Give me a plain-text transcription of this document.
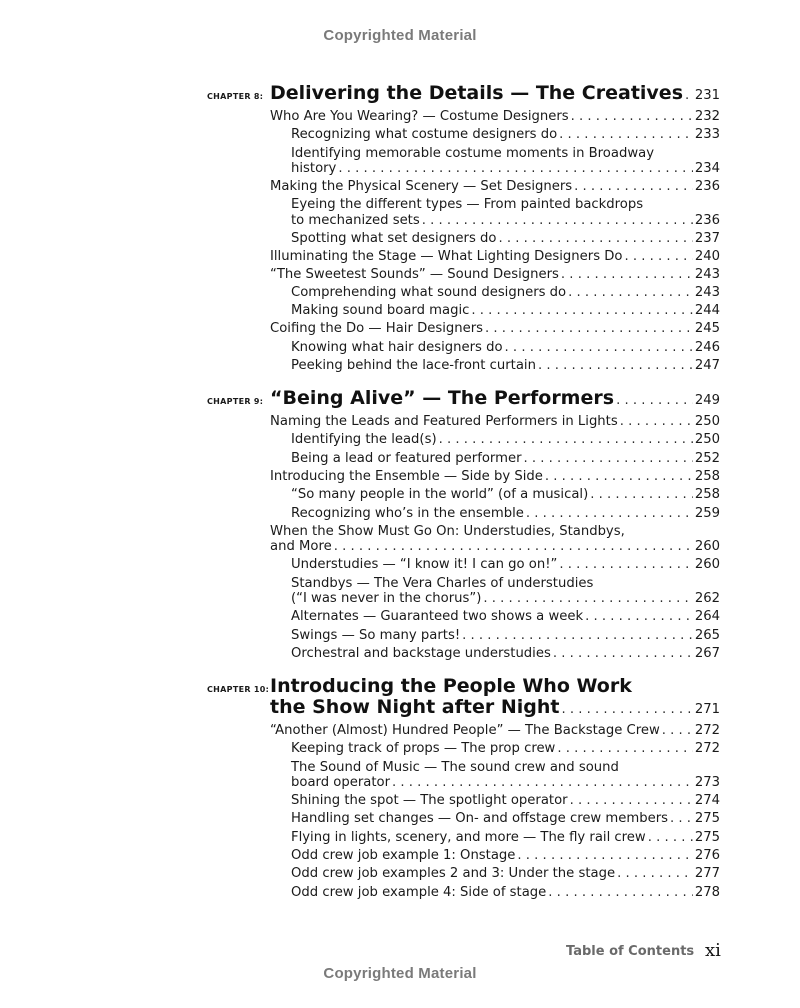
Copyrighted Material
CHAPTER 8: Delivering the Details — The Creatives . . . 231
Who Are You Wearing? — Costume Designers . . .	232
Recognizing what costume designers do . . .	233
Identifying memorable costume moments in Broadway
history . . .	234
Making the Physical Scenery — Set Designers . . .	236
Eyeing the different types — From painted backdrops
to mechanized sets . . .	236
Spotting what set designers do . . .	237
Illuminating the Stage — What Lighting Designers Do . . .	240
“The Sweetest Sounds” — Sound Designers . . .	243
Comprehending what sound designers do . . .	243
Making sound board magic . . .	244
Coifing the Do — Hair Designers . . .	245
Knowing what hair designers do . . .	246
Peeking behind the lace-front curtain . . .	247
CHAPTER 9: “Being Alive” — The Performers . . .	249
Naming the Leads and Featured Performers in Lights . . .	250
Identifying the lead(s) . . .	250
Being a lead or featured performer . . .	252
Introducing the Ensemble — Side by Side . . .	258
“So many people in the world” (of a musical) . . .	258
Recognizing who’s in the ensemble . . .	259
When the Show Must Go On: Understudies, Standbys,
and More . . .	260
Understudies — “I know it! I can go on!” . . .	260
Standbys — The Vera Charles of understudies
(“I was never in the chorus”) . . .	262
Alternates — Guaranteed two shows a week . . .	264
Swings — So many parts! . . .	265
Orchestral and backstage understudies . . .	267
CHAPTER 10: Introducing the People Who Work
the Show Night after Night . . .	271
“Another (Almost) Hundred People” — The Backstage Crew . . .	272
Keeping track of props — The prop crew . . .	272
The Sound of Music — The sound crew and sound
board operator . . .	273
Shining the spot — The spotlight operator . . .	274
Handling set changes — On- and offstage crew members . . . 275
Flying in lights, scenery, and more — The fly rail crew . . .	275
Odd crew job example 1: Onstage . . .	276
Odd crew job examples 2 and 3: Under the stage . . .	277
Odd crew job example 4: Side of stage . . .	278
Table of Contents xi
Copyrighted Material
